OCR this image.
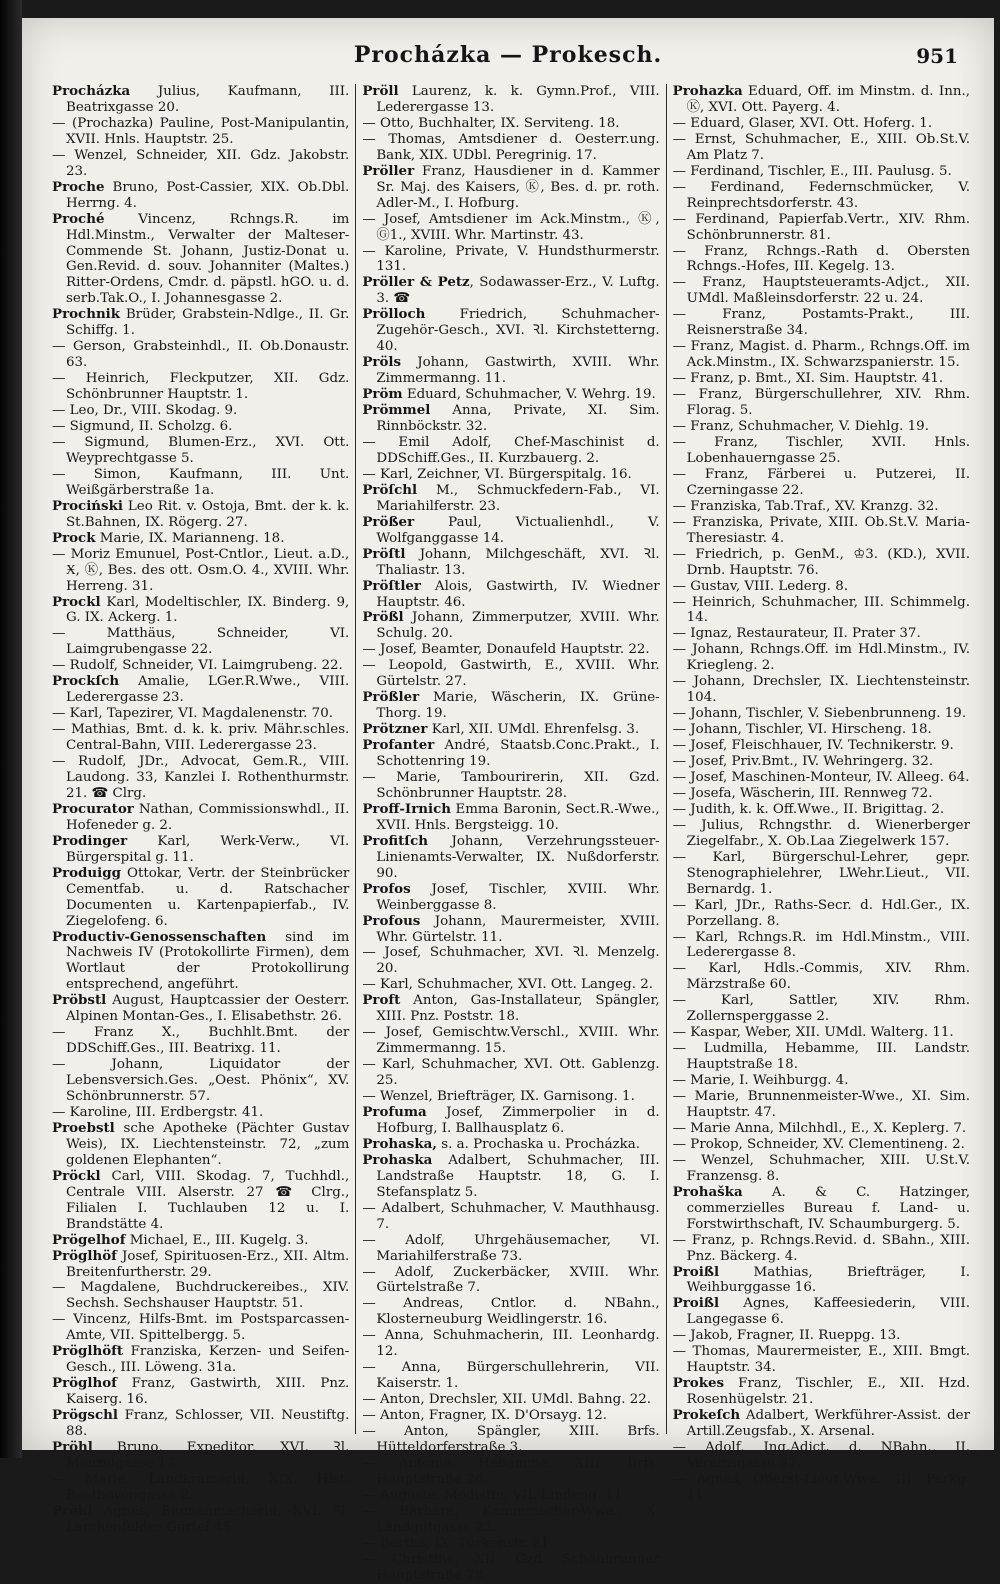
Procházka — Prokesch.	951

Procházka Julius, Kaufmann, III. Beatrixgasse 20.

— (Prochazka) Pauline, Post-Manipulantin, XVII. Hnls. Hauptstr. 25.

— Wenzel, Schneider, XII. Gdz. Jakobstr. 23.

Proche Bruno, Post-Cassier, XIX. Ob.Dbl. Herrng. 4.

Proché Vincenz, Rchngs.R. im Hdl.Minstm., Verwalter der Malteser-Commende St. Johann, Justiz-Donat u. Gen.Revid. d. souv. Johanniter (Maltes.) Ritter-Ordens, Cmdr. d. päpstl. hGO. u. d. serb.Tak.O., I. Johannesgasse 2.

Prochnik Brüder, Grabstein-Ndlge., II. Gr. Schiffg. 1.

— Gerson, Grabsteinhdl., II. Ob.Donaustr. 63.

— Heinrich, Fleckputzer, XII. Gdz. Schönbrunner Hauptstr. 1.

— Leo, Dr., VIII. Skodag. 9.

— Sigmund, II. Scholzg. 6.

— Sigmund, Blumen-Erz., XVI. Ott. Weyprechtgasse 5.

— Simon, Kaufmann, III. Unt. Weißgärberstraße 1a.

Prociński Leo Rit. v. Ostoja, Bmt. der k. k. St.Bahnen, IX. Rögerg. 27.

Prock Marie, IX. Marianneng. 18.

— Moriz Emunuel, Post-Cntlor., Lieut. a.D., Ӿ, Ⓚ, Bes. des ott. Osm.O. 4., XVIII. Whr. Herreng. 31.

Prockl Karl, Modeltischler, IX. Binderg. 9, G. IX. Ackerg. 1.

— Matthäus, Schneider, VI. Laimgrubengasse 22.

— Rudolf, Schneider, VI. Laimgrubeng. 22.

Prockſch Amalie, LGer.R.Wwe., VIII. Lederergasse 23.

— Karl, Tapezirer, VI. Magdalenenstr. 70.

— Mathias, Bmt. d. k. k. priv. Mähr.schles. Central-Bahn, VIII. Lederergasse 23.

— Rudolf, JDr., Advocat, Gem.R., VIII. Laudong. 33, Kanzlei I. Rothenthurmstr. 21. ☎ Clrg.

Procurator Nathan, Commissionswhdl., II. Hofeneder g. 2.

Prodinger Karl, Werk-Verw., VI. Bürgerspital g. 11.

Produigg Ottokar, Vertr. der Steinbrücker Cementfab. u. d. Ratschacher Documenten u. Kartenpapierfab., IV. Ziegelofeng. 6.

Productiv-Genossenschaften sind im Nachweis IV (Protokollirte Firmen), dem Wortlaut der Protokollirung entsprechend, angeführt.

Pröbstl August, Hauptcassier der Oesterr. Alpinen Montan-Ges., I. Elisabethstr. 26.

— Franz X., Buchhlt.Bmt. der DDSchiff.Ges., III. Beatrixg. 11.

— Johann, Liquidator der Lebensversich.Ges. „Oest. Phönix“, XV. Schönbrunnerstr. 57.

— Karoline, III. Erdbergstr. 41.

Proebstl sche Apotheke (Pächter Gustav Weis), IX. Liechtensteinstr. 72, „zum goldenen Elephanten“.

Pröckl Carl, VIII. Skodag. 7, Tuchhdl., Centrale VIII. Alserstr. 27 ☎ Clrg., Filialen I. Tuchlauben 12 u. I. Brandstätte 4.

Prögelhof Michael, E., III. Kugelg. 3.

Pröglhöf Josef, Spirituosen-Erz., XII. Altm. Breitenfurtherstr. 29.

— Magdalene, Buchdruckereibes., XIV. Sechsh. Sechshauser Hauptstr. 51.

— Vincenz, Hilfs-Bmt. im Postsparcassen-Amte, VII. Spittelbergg. 5.

Pröglhöft Franziska, Kerzen- und Seifen-Gesch., III. Löweng. 31a.

Pröglhof Franz, Gastwirth, XIII. Pnz. Kaiserg. 16.

Prögschl Franz, Schlosser, VII. Neustiftg. 88.

Pröhl Bruno, Expeditor, XVI. Ꝛl. Menzelgasse 17.

— Marie, Landkrämerin, XIX. Hlst. Beethovengasse 2.

Prökl Agnes, Blumenmacherin, XVI. Ꝛl. Lerchenfelder Gürtel 45.

Pröll Laurenz, k. k. Gymn.Prof., VIII. Lederergasse 13.

— Otto, Buchhalter, IX. Serviteng. 18.

— Thomas, Amtsdiener d. Oesterr.ung. Bank, XIX. UDbl. Peregrinig. 17.

Pröller Franz, Hausdiener in d. Kammer Sr. Maj. des Kaisers, Ⓚ, Bes. d. pr. roth. Adler-M., I. Hofburg.

— Josef, Amtsdiener im Ack.Minstm., Ⓚ, Ⓖ1., XVIII. Whr. Martinstr. 43.

— Karoline, Private, V. Hundsthurmerstr. 131.

Pröller & Petz, Sodawasser-Erz., V. Luftg. 3. ☎

Prölloch Friedrich, Schuhmacher-Zugehör-Gesch., XVI. Ꝛl. Kirchstetterng. 40.

Pröls Johann, Gastwirth, XVIII. Whr. Zimmermanng. 11.

Pröm Eduard, Schuhmacher, V. Wehrg. 19.

Prömmel Anna, Private, XI. Sim. Rinnböckstr. 32.

— Emil Adolf, Chef-Maschinist d. DDSchiff.Ges., II. Kurzbauerg. 2.

— Karl, Zeichner, VI. Bürgerspitalg. 16.

Pröſchl M., Schmuckfedern-Fab., VI. Mariahilferstr. 23.

Prößer Paul, Victualienhdl., V. Wolfganggasse 14.

Pröſtl Johann, Milchgeschäft, XVI. Ꝛl. Thaliastr. 13.

Pröſtler Alois, Gastwirth, IV. Wiedner Hauptstr. 46.

Prößl Johann, Zimmerputzer, XVIII. Whr. Schulg. 20.

— Josef, Beamter, Donaufeld Hauptstr. 22.

— Leopold, Gastwirth, E., XVIII. Whr. Gürtelstr. 27.

Prößler Marie, Wäscherin, IX. Grüne-Thorg. 19.

Prötzner Karl, XII. UMdl. Ehrenfelsg. 3.

Profanter André, Staatsb.Conc.Prakt., I. Schottenring 19.

— Marie, Tambourirerin, XII. Gzd. Schönbrunner Hauptstr. 28.

Proff-Irnich Emma Baronin, Sect.R.-Wwe., XVII. Hnls. Bergsteigg. 10.

Profitſch Johann, Verzehrungssteuer-Linienamts-Verwalter, IX. Nußdorferstr. 90.

Profos Josef, Tischler, XVIII. Whr. Weinberggasse 8.

Profous Johann, Maurermeister, XVIII. Whr. Gürtelstr. 11.

— Josef, Schuhmacher, XVI. Ꝛl. Menzelg. 20.

— Karl, Schuhmacher, XVI. Ott. Langeg. 2.

Proft Anton, Gas-Installateur, Spängler, XIII. Pnz. Poststr. 18.

— Josef, Gemischtw.Verschl., XVIII. Whr. Zimmermanng. 15.

— Karl, Schuhmacher, XVI. Ott. Gablenzg. 25.

— Wenzel, Briefträger, IX. Garnisong. 1.

Profuma Josef, Zimmerpolier in d. Hofburg, I. Ballhausplatz 6.

Prohaska, s. a. Prochaska u. Procházka.

Prohaska Adalbert, Schuhmacher, III. Landstraße Hauptstr. 18, G. I. Stefansplatz 5.

— Adalbert, Schuhmacher, V. Mauthhausg. 7.

— Adolf, Uhrgehäusemacher, VI. Mariahilferstraße 73.

— Adolf, Zuckerbäcker, XVIII. Whr. Gürtelstraße 7.

— Andreas, Cntlor. d. NBahn., Klosterneuburg Weidlingerstr. 16.

— Anna, Schuhmacherin, III. Leonhardg. 12.

— Anna, Bürgerschullehrerin, VII. Kaiserstr. 1.

— Anton, Drechsler, XII. UMdl. Bahng. 22.

— Anton, Fragner, IX. D'Orsayg. 12.

— Anton, Spängler, XIII. Brfs. Hütteldorferstraße 3.

— Antonie, Hebamme, XIII. Brfs. Hauptstraße 26.

— Auguste, Modistin, VII. Lindeng. 11.

— Barbara, Kammmacher-Wwe., X. Landgutgasse 22.

— Bertha, IX. Türkenstr. 21.

— Christine, XII. Gzd. Schönbrunner Hauptstraße 78.

Prohazka Eduard, Off. im Minstm. d. Inn., Ⓚ, XVI. Ott. Payerg. 4.

— Eduard, Glaser, XVI. Ott. Hoferg. 1.

— Ernst, Schuhmacher, E., XIII. Ob.St.V. Am Platz 7.

— Ferdinand, Tischler, E., III. Paulusg. 5.

— Ferdinand, Federnschmücker, V. Reinprechtsdorferstr. 43.

— Ferdinand, Papierfab.Vertr., XIV. Rhm. Schönbrunnerstr. 81.

— Franz, Rchngs.-Rath d. Obersten Rchngs.-Hofes, III. Kegelg. 13.

— Franz, Hauptsteueramts-Adjct., XII. UMdl. Maßleinsdorferstr. 22 u. 24.

— Franz, Postamts-Prakt., III. Reisnerstraße 34.

— Franz, Magist. d. Pharm., Rchngs.Off. im Ack.Minstm., IX. Schwarzspanierstr. 15.

— Franz, p. Bmt., XI. Sim. Hauptstr. 41.

— Franz, Bürgerschullehrer, XIV. Rhm. Florag. 5.

— Franz, Schuhmacher, V. Diehlg. 19.

— Franz, Tischler, XVII. Hnls. Lobenhauerngasse 25.

— Franz, Färberei u. Putzerei, II. Czerningasse 22.

— Franziska, Tab.Traf., XV. Kranzg. 32.

— Franziska, Private, XIII. Ob.St.V. Maria-Theresiastr. 4.

— Friedrich, p. GenM., ♔3. (KD.), XVII. Drnb. Hauptstr. 76.

— Gustav, VIII. Lederg. 8.

— Heinrich, Schuhmacher, III. Schimmelg. 14.

— Ignaz, Restaurateur, II. Prater 37.

— Johann, Rchngs.Off. im Hdl.Minstm., IV. Kriegleng. 2.

— Johann, Drechsler, IX. Liechtensteinstr. 104.

— Johann, Tischler, V. Siebenbrunneng. 19.

— Johann, Tischler, VI. Hirscheng. 18.

— Josef, Fleischhauer, IV. Technikerstr. 9.

— Josef, Priv.Bmt., IV. Wehringerg. 32.

— Josef, Maschinen-Monteur, IV. Alleeg. 64.

— Josefa, Wäscherin, III. Rennweg 72.

— Judith, k. k. Off.Wwe., II. Brigittag. 2.

— Julius, Rchngsthr. d. Wienerberger Ziegelfabr., X. Ob.Laa Ziegelwerk 157.

— Karl, Bürgerschul-Lehrer, gepr. Stenographielehrer, LWehr.Lieut., VII. Bernardg. 1.

— Karl, JDr., Raths-Secr. d. Hdl.Ger., IX. Porzellang. 8.

— Karl, Rchngs.R. im Hdl.Minstm., VIII. Lederergasse 8.

— Karl, Hdls.-Commis, XIV. Rhm. Märzstraße 60.

— Karl, Sattler, XIV. Rhm. Zollernsperggasse 2.

— Kaspar, Weber, XII. UMdl. Walterg. 11.

— Ludmilla, Hebamme, III. Landstr. Hauptstraße 18.

— Marie, I. Weihburgg. 4.

— Marie, Brunnenmeister-Wwe., XI. Sim. Hauptstr. 47.

— Marie Anna, Milchhdl., E., X. Keplerg. 7.

— Prokop, Schneider, XV. Clementineng. 2.

— Wenzel, Schuhmacher, XIII. U.St.V. Franzensg. 8.

Prohaška A. & C. Hatzinger, commerzielles Bureau f. Land- u. Forstwirthschaft, IV. Schaumburgerg. 5.

— Franz, p. Rchngs.Revid. d. SBahn., XIII. Pnz. Bäckerg. 4.

Proißl Mathias, Briefträger, I. Weihburggasse 16.

Proißl Agnes, Kaffeesiederin, VIII. Langegasse 6.

— Jakob, Fragner, II. Rueppg. 13.

— Thomas, Maurermeister, E., XIII. Bmgt. Hauptstr. 34.

Prokes Franz, Tischler, E., XII. Hzd. Rosenhügelstr. 21.

Prokeſch Adalbert, Werkführer-Assist. der Artill.Zeugsfab., X. Arsenal.

— Adolf, Ing.Adjct. d. NBahn., II. Vereinsgasse 37.

— Agnes, Oberst-Lieut.Wwe., III. Parkg. 11.
